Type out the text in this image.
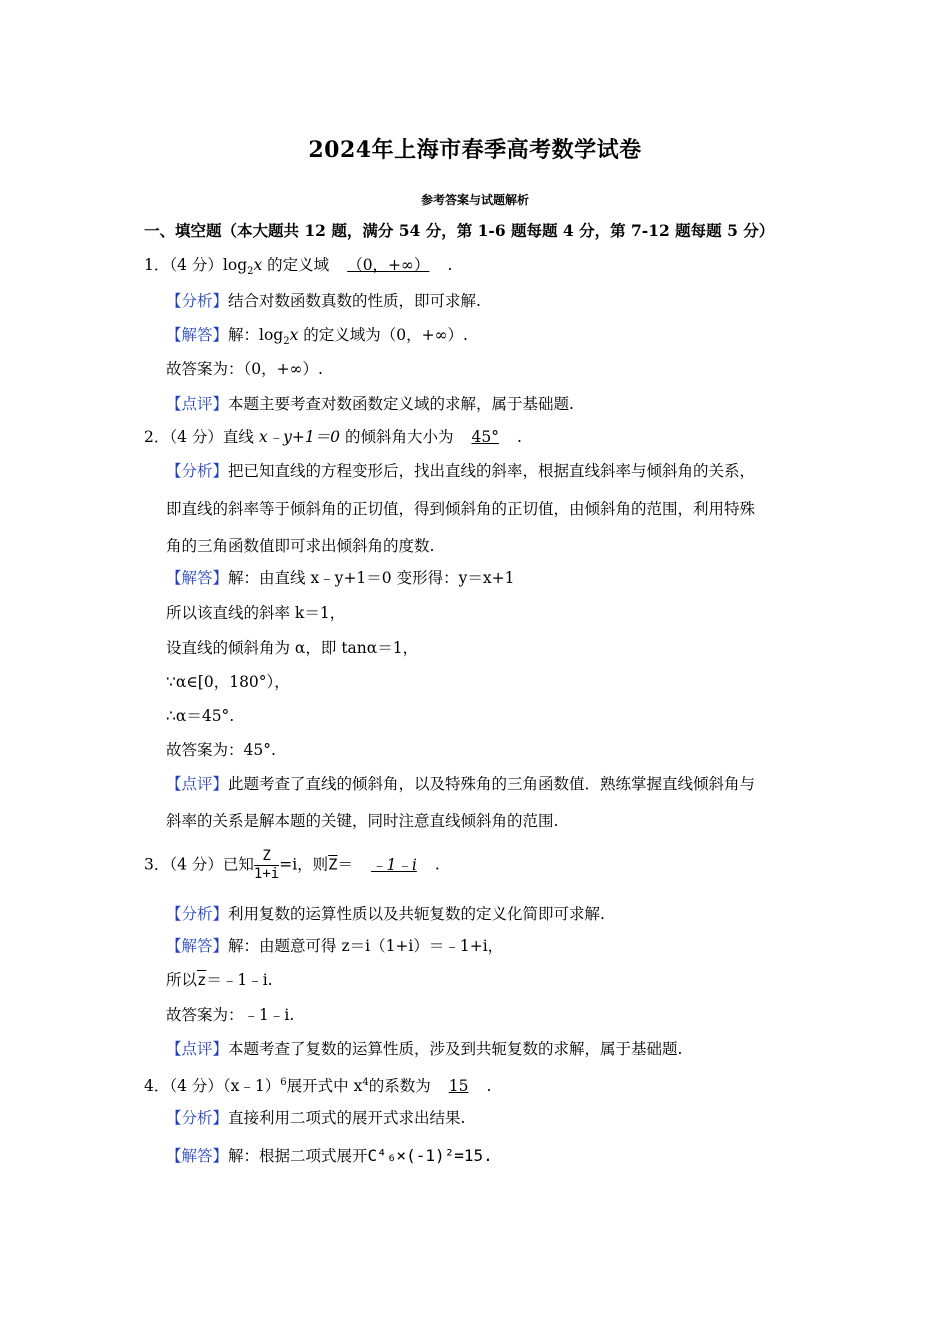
2024年上海市春季高考数学试卷
参考答案与试题解析
一、填空题（本大题共 12 题，满分 54 分，第 1-6 题每题 4 分，第 7-12 题每题 5 分）
1．（4 分）$\log_2x$ 的定义域 （0，+∞） .
【分析】结合对数函数真数的性质，即可求解.
【解答】解：$\log_2x$ 的定义域为（0，+∞）.
故答案为：（0，+∞）.
【点评】本题主要考查对数函数定义域的求解，属于基础题.
2．（4 分）直线 x﹣y+1＝0 的倾斜角大小为 45° .
【分析】把已知直线的方程变形后，找出直线的斜率，根据直线斜率与倾斜角的关系，
即直线的斜率等于倾斜角的正切值，得到倾斜角的正切值，由倾斜角的范围，利用特殊
角的三角函数值即可求出倾斜角的度数.
【解答】解：由直线 x﹣y+1＝0 变形得：y＝x+1
所以该直线的斜率 k＝1，
设直线的倾斜角为 α，即 tanα＝1，
∵α∈[0，180°），
∴α＝45°.
故答案为：45°.
【点评】此题考查了直线的倾斜角，以及特殊角的三角函数值．熟练掌握直线倾斜角与
斜率的关系是解本题的关键，同时注意直线倾斜角的范围.
3．（4 分）已知 $\frac{Z}{1+i} =i$，则$\overline{Z}=$ ﹣1﹣i .
【分析】利用复数的运算性质以及共轭复数的定义化简即可求解.
【解答】解：由题意可得 z＝i（1+i）＝﹣1+i，
所以$\overline{z}=﹣1﹣i$.
故答案为：﹣1﹣i.
【点评】本题考查了复数的运算性质，涉及到共轭复数的求解，属于基础题.
4．（4 分）（x﹣1）$^6$展开式中 $x^4$的系数为 15 .
【分析】直接利用二项式的展开式求出结果.
【解答】解：根据二项式展开C⁴₆×(-1)²=15.
